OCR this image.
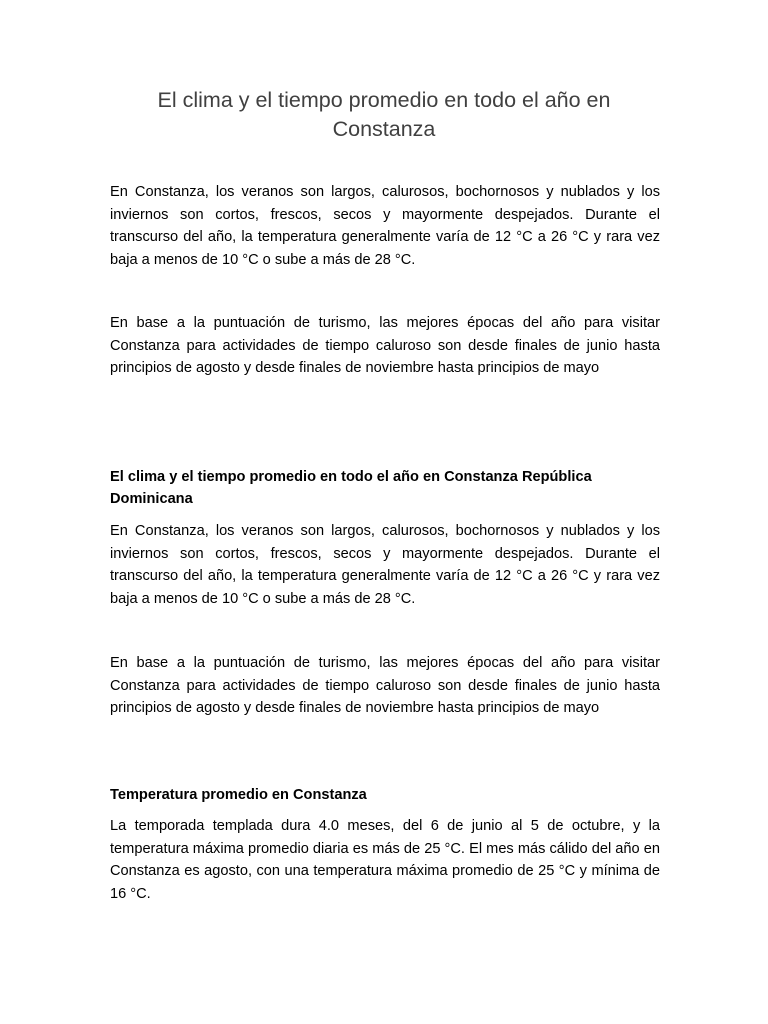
El clima y el tiempo promedio en todo el año en Constanza

En Constanza, los veranos son largos, calurosos, bochornosos y nublados y los inviernos son cortos, frescos, secos y mayormente despejados. Durante el transcurso del año, la temperatura generalmente varía de 12 °C a 26 °C y rara vez baja a menos de 10 °C o sube a más de 28 °C.

En base a la puntuación de turismo, las mejores épocas del año para visitar Constanza para actividades de tiempo caluroso son desde finales de junio hasta principios de agosto y desde finales de noviembre hasta principios de mayo

El clima y el tiempo promedio en todo el año en Constanza República Dominicana

En Constanza, los veranos son largos, calurosos, bochornosos y nublados y los inviernos son cortos, frescos, secos y mayormente despejados. Durante el transcurso del año, la temperatura generalmente varía de 12 °C a 26 °C y rara vez baja a menos de 10 °C o sube a más de 28 °C.

En base a la puntuación de turismo, las mejores épocas del año para visitar Constanza para actividades de tiempo caluroso son desde finales de junio hasta principios de agosto y desde finales de noviembre hasta principios de mayo

Temperatura promedio en Constanza

La temporada templada dura 4.0 meses, del 6 de junio al 5 de octubre, y la temperatura máxima promedio diaria es más de 25 °C. El mes más cálido del año en Constanza es agosto, con una temperatura máxima promedio de 25 °C y mínima de 16 °C.
